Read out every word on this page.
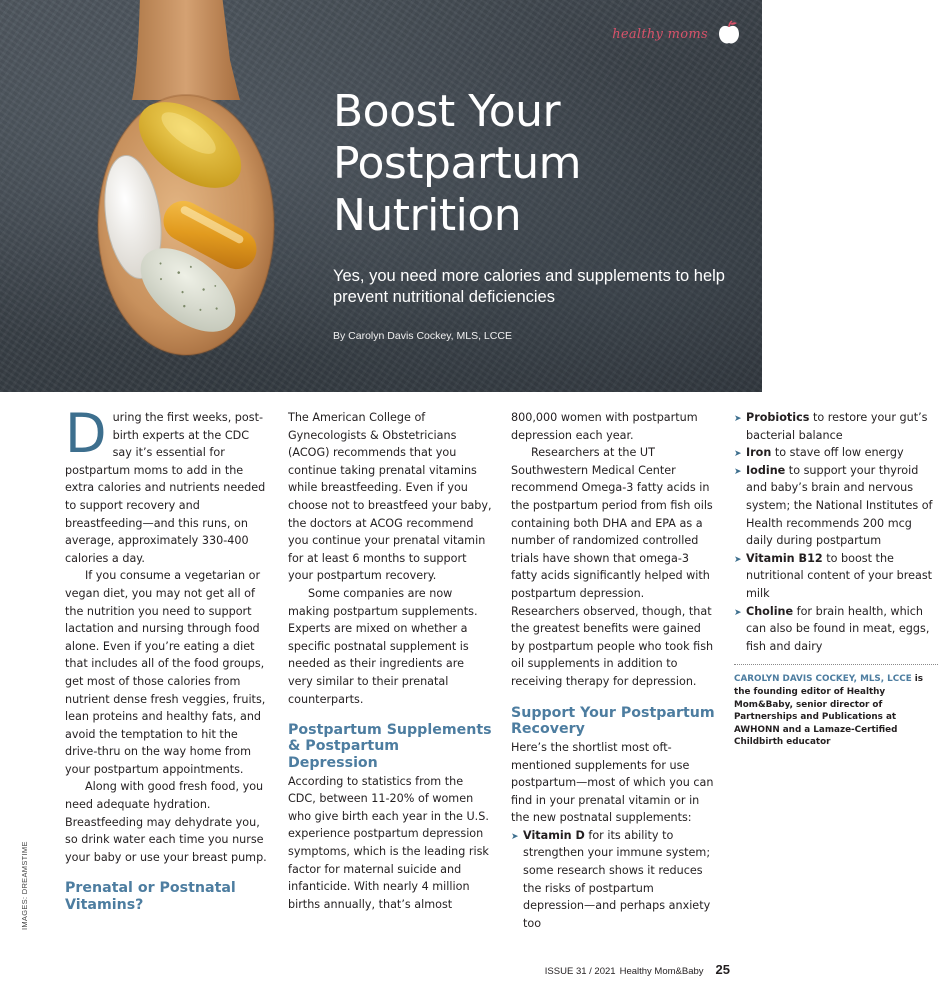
healthy moms
Boost Your Postpartum Nutrition
Yes, you need more calories and supplements to help prevent nutritional deficiencies
By Carolyn Davis Cockey, MLS, LCCE
IMAGES: DREAMSTIME

During the first weeks, post-birth experts at the CDC say it’s essential for postpartum moms to add in the extra calories and nutrients needed to support recovery and breastfeeding—and this runs, on average, approximately 330-400 calories a day.

If you consume a vegetarian or vegan diet, you may not get all of the nutrition you need to support lactation and nursing through food alone. Even if you’re eating a diet that includes all of the food groups, get most of those calories from nutrient dense fresh veggies, fruits, lean proteins and healthy fats, and avoid the temptation to hit the drive-thru on the way home from your postpartum appointments.

Along with good fresh food, you need adequate hydration. Breastfeeding may dehydrate you, so drink water each time you nurse your baby or use your breast pump.

Prenatal or Postnatal Vitamins?

The American College of Gynecologists & Obstetricians (ACOG) recommends that you continue taking prenatal vitamins while breastfeeding. Even if you choose not to breastfeed your baby, the doctors at ACOG recommend you continue your prenatal vitamin for at least 6 months to support your postpartum recovery.

Some companies are now making postpartum supplements. Experts are mixed on whether a specific postnatal supplement is needed as their ingredients are very similar to their prenatal counterparts.

Postpartum Supplements & Postpartum Depression

According to statistics from the CDC, between 11-20% of women who give birth each year in the U.S. experience postpartum depression symptoms, which is the leading risk factor for maternal suicide and infanticide. With nearly 4 million births annually, that’s almost 800,000 women with postpartum depression each year.

Researchers at the UT Southwestern Medical Center recommend Omega-3 fatty acids in the postpartum period from fish oils containing both DHA and EPA as a number of randomized controlled trials have shown that omega-3 fatty acids significantly helped with postpartum depression. Researchers observed, though, that the greatest benefits were gained by postpartum people who took fish oil supplements in addition to receiving therapy for depression.

Support Your Postpartum Recovery

Here’s the shortlist most oft-mentioned supplements for use postpartum—most of which you can find in your prenatal vitamin or in the new postnatal supplements:

➤ Vitamin D for its ability to strengthen your immune system; some research shows it reduces the risks of postpartum depression—and perhaps anxiety too
➤ Probiotics to restore your gut’s bacterial balance
➤ Iron to stave off low energy
➤ Iodine to support your thyroid and baby’s brain and nervous system; the National Institutes of Health recommends 200 mcg daily during postpartum
➤ Vitamin B12 to boost the nutritional content of your breast milk
➤ Choline for brain health, which can also be found in meat, eggs, fish and dairy

CAROLYN DAVIS COCKEY, MLS, LCCE is the founding editor of Healthy Mom&Baby, senior director of Partnerships and Publications at AWHONN and a Lamaze-Certified Childbirth educator

ISSUE 31 / 2021 Healthy Mom&Baby 25
